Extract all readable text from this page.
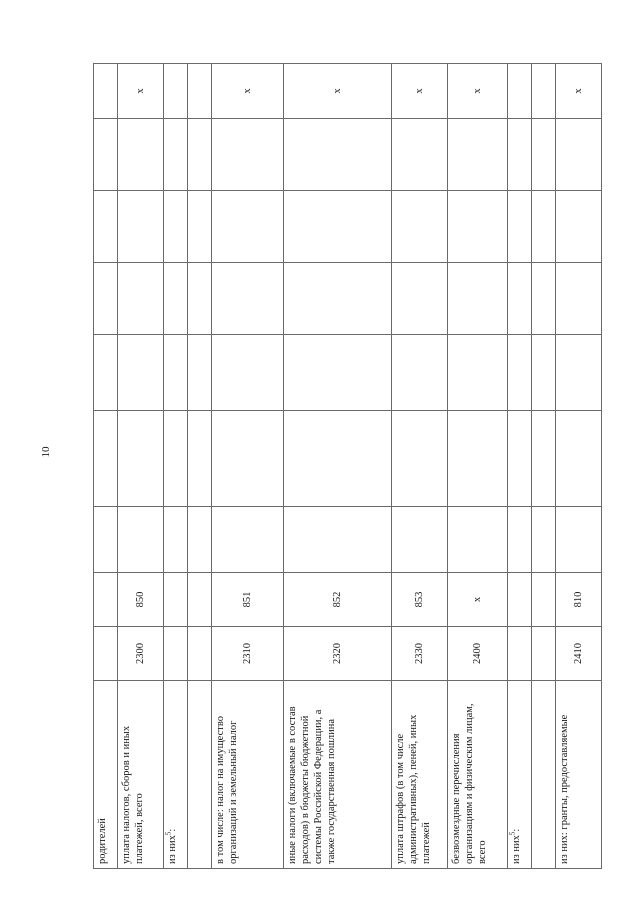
10
родителей									
уплата налогов, сборов и иных платежей, всего	2300	850							x
из них$^5$:									

в том числе: налог на имущество организаций и земельный налог	2310	851							x
иные налоги (включаемые в состав расходов) в бюджеты бюджетной системы Российской Федерации, а также государственная пошлина	2320	852							x
уплата штрафов (в том числе административных), пеней, иных платежей	2330	853							x
безвозмездные перечисления организациям и физическим лицам, всего	2400	x							x
из них$^5$:									

из них: гранты, предоставляемые	2410	810							x
